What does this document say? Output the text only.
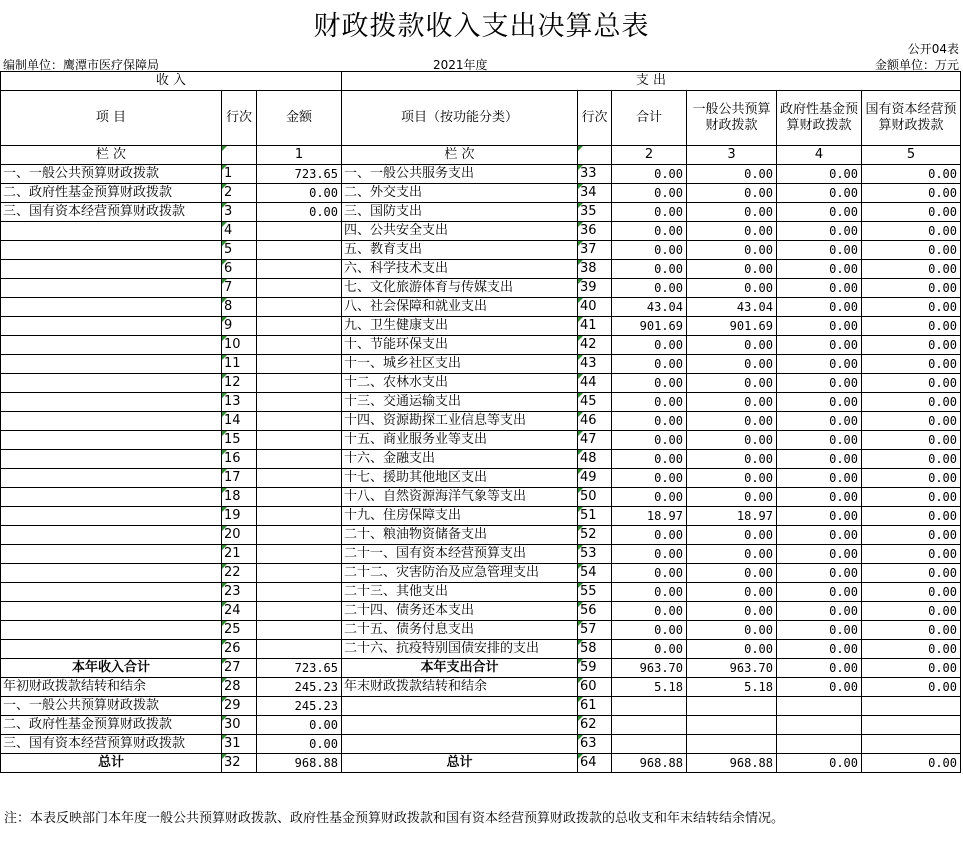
财政拨款收入支出决算总表
公开04表
编制单位：鹰潭市医疗保障局	2021年度	金额单位：万元
收 入			支 出					
项 目	行次	金额	项目（按功能分类）	行次	合计	一般公共预算财政拨款	政府性基金预算财政拨款	国有资本经营预算财政拨款
栏 次		1	栏 次		2	3	4	5
一、一般公共预算财政拨款	1	723.65	一、一般公共服务支出	33	0.00	0.00	0.00	0.00
二、政府性基金预算财政拨款	2	0.00	二、外交支出	34	0.00	0.00	0.00	0.00
三、国有资本经营预算财政拨款	3	0.00	三、国防支出	35	0.00	0.00	0.00	0.00
	4		四、公共安全支出	36	0.00	0.00	0.00	0.00
	5		五、教育支出	37	0.00	0.00	0.00	0.00
	6		六、科学技术支出	38	0.00	0.00	0.00	0.00
	7		七、文化旅游体育与传媒支出	39	0.00	0.00	0.00	0.00
	8		八、社会保障和就业支出	40	43.04	43.04	0.00	0.00
	9		九、卫生健康支出	41	901.69	901.69	0.00	0.00
	10		十、节能环保支出	42	0.00	0.00	0.00	0.00
	11		十一、城乡社区支出	43	0.00	0.00	0.00	0.00
	12		十二、农林水支出	44	0.00	0.00	0.00	0.00
	13		十三、交通运输支出	45	0.00	0.00	0.00	0.00
	14		十四、资源勘探工业信息等支出	46	0.00	0.00	0.00	0.00
	15		十五、商业服务业等支出	47	0.00	0.00	0.00	0.00
	16		十六、金融支出	48	0.00	0.00	0.00	0.00
	17		十七、援助其他地区支出	49	0.00	0.00	0.00	0.00
	18		十八、自然资源海洋气象等支出	50	0.00	0.00	0.00	0.00
	19		十九、住房保障支出	51	18.97	18.97	0.00	0.00
	20		二十、粮油物资储备支出	52	0.00	0.00	0.00	0.00
	21		二十一、国有资本经营预算支出	53	0.00	0.00	0.00	0.00
	22		二十二、灾害防治及应急管理支出	54	0.00	0.00	0.00	0.00
	23		二十三、其他支出	55	0.00	0.00	0.00	0.00
	24		二十四、债务还本支出	56	0.00	0.00	0.00	0.00
	25		二十五、债务付息支出	57	0.00	0.00	0.00	0.00
	26		二十六、抗疫特别国债安排的支出	58	0.00	0.00	0.00	0.00
本年收入合计	27	723.65	本年支出合计	59	963.70	963.70	0.00	0.00
年初财政拨款结转和结余	28	245.23	年末财政拨款结转和结余	60	5.18	5.18	0.00	0.00
一、一般公共预算财政拨款	29	245.23		61				
二、政府性基金预算财政拨款	30	0.00		62				
三、国有资本经营预算财政拨款	31	0.00		63				
总计	32	968.88	总计	64	968.88	968.88	0.00	0.00
注：本表反映部门本年度一般公共预算财政拨款、政府性基金预算财政拨款和国有资本经营预算财政拨款的总收支和年末结转结余情况。
